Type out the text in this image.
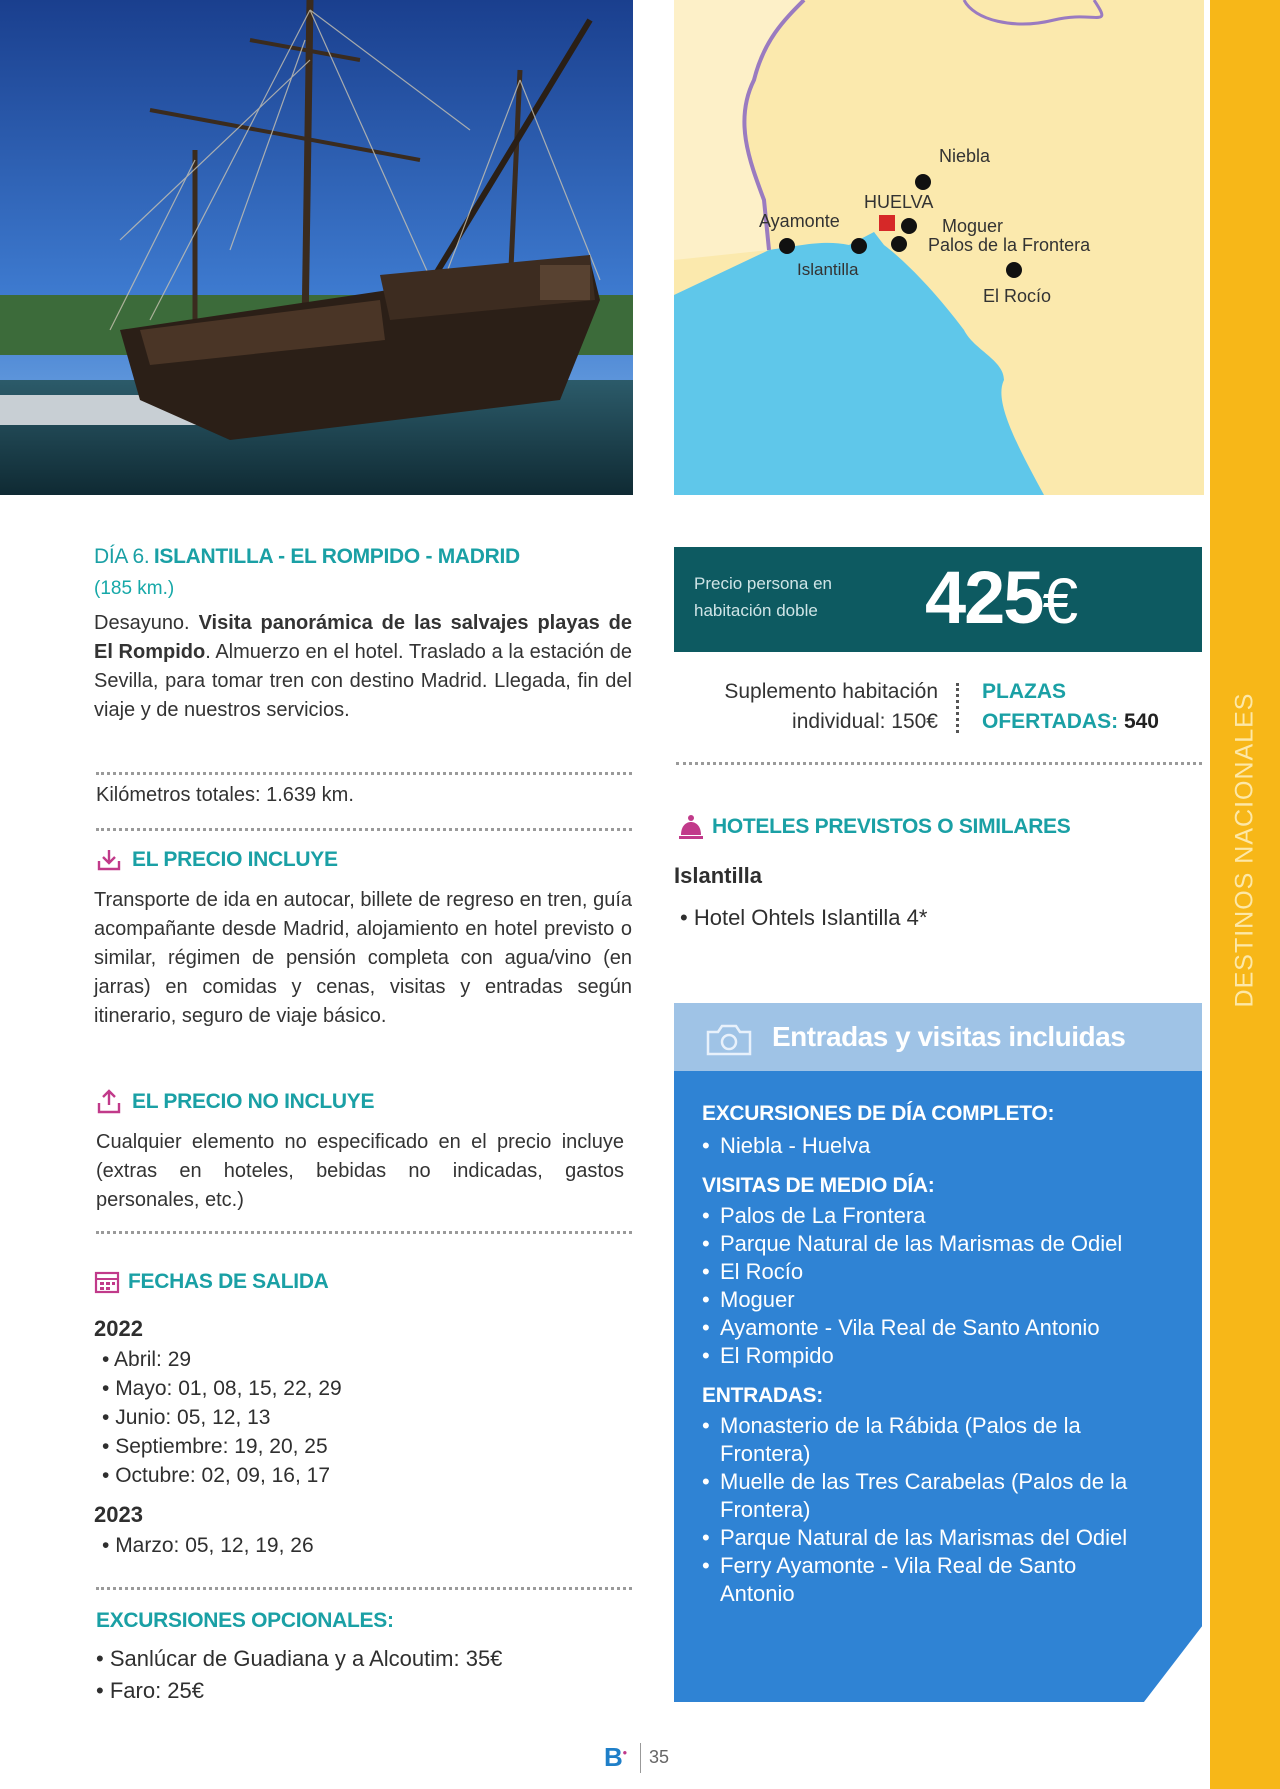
Niebla
HUELVA
Ayamonte	Moguer
Palos de la Frontera
Islantilla
El Rocío
DESTINOS NACIONALES
DÍA 6. ISLANTILLA - EL ROMPIDO - MADRID
(185 km.)
Desayuno. Visita panorámica de las salvajes playas de El Rompido. Almuerzo en el hotel. Traslado a la estación de Sevilla, para tomar tren con destino Madrid. Llegada, fin del viaje y de nuestros servicios.
Kilómetros totales: 1.639 km.
EL PRECIO INCLUYE
Transporte de ida en autocar, billete de regreso en tren, guía acompañante desde Madrid, alojamiento en hotel previsto o similar, régimen de pensión completa con agua/vino (en jarras) en comidas y cenas, visitas y entradas según itinerario, seguro de viaje básico.
EL PRECIO NO INCLUYE
Cualquier elemento no especificado en el precio incluye (extras en hoteles, bebidas no indicadas, gastos personales, etc.)
FECHAS DE SALIDA
2022
• Abril: 29
• Mayo: 01, 08, 15, 22, 29
• Junio: 05, 12, 13
• Septiembre: 19, 20, 25
• Octubre: 02, 09, 16, 17
2023
• Marzo: 05, 12, 19, 26
EXCURSIONES OPCIONALES:
• Sanlúcar de Guadiana y a Alcoutim: 35€
• Faro: 25€
Precio persona en
habitación doble	425€
Suplemento habitación
individual: 150€
PLAZAS
OFERTADAS: 540
HOTELES PREVISTOS O SIMILARES
Islantilla
• Hotel Ohtels Islantilla 4*
Entradas y visitas incluidas
EXCURSIONES DE DÍA COMPLETO:
• Niebla - Huelva
VISITAS DE MEDIO DÍA:
• Palos de La Frontera
• Parque Natural de las Marismas de Odiel
• El Rocío
• Moguer
• Ayamonte - Vila Real de Santo Antonio
• El Rompido
ENTRADAS:
• Monasterio de la Rábida (Palos de la Frontera)
• Muelle de las Tres Carabelas (Palos de la Frontera)
• Parque Natural de las Marismas del Odiel
• Ferry Ayamonte - Vila Real de Santo Antonio
B• 35
